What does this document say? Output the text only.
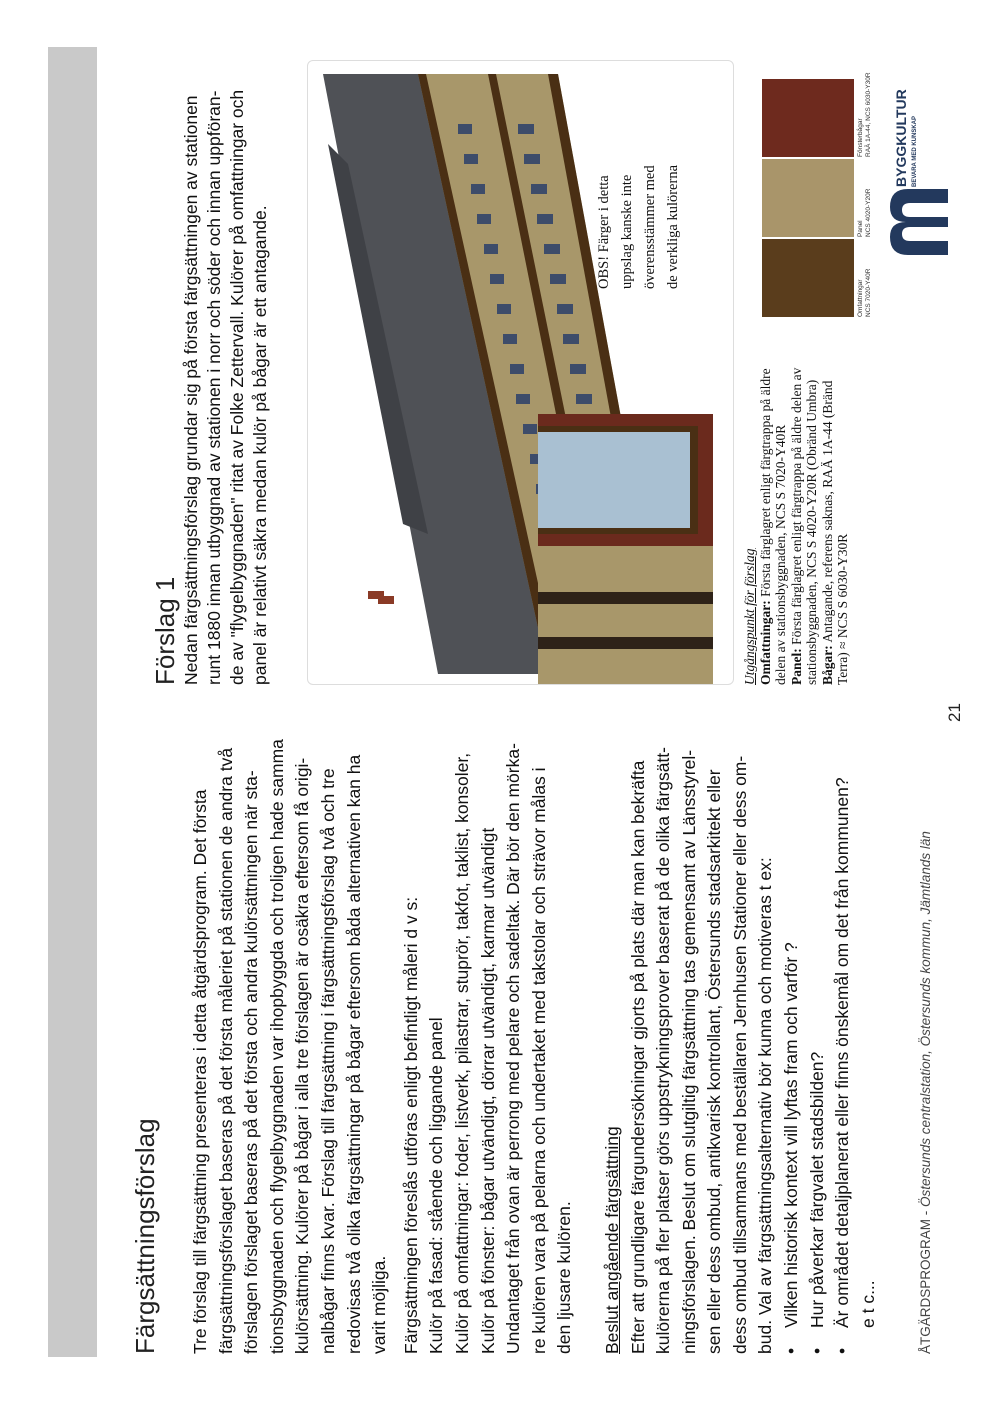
Färgsättningsförslag Tre förslag till färgsättning presenteras i detta åtgärdsprogram. Det första färgsättningsförslaget baseras på det första måleriet på stationen de andra två förslagen förslaget baseras på det första och andra kulörsättningen när sta- tionsbyggnaden och flygelbyggnaden var ihopbyggda och troligen hade samma kulörsättning. Kulörer på bågar i alla tre förslagen är osäkra eftersom få origi- nalbågar finns kvar. Förslag till färgsättning i färgsättningsförslag två och tre redovisas två olika färgsättningar på bågar eftersom båda alternativen kan ha varit möjliga. Färgsättningen föreslås utföras enligt befintligt måleri d v s: Kulör på fasad: stående och liggande panel Kulör på omfattningar: foder, listverk, pilastrar, stuprör, takfot, taklist, konsoler, Kulör på fönster: bågar utvändigt, dörrar utvändigt, karmar utvändigt Undantaget från ovan är perrong med pelare och sadeltak. Där bör den mörka- re kulören vara på pelarna och undertaket med takstolar och strävor målas i den ljusare kulören. Beslut angående färgsättning Efter att grundligare färgundersökningar gjorts på plats där man kan bekräfta kulörerna på fler platser görs uppstrykningsprover baserat på de olika färgsätt- ningsförslagen. Beslut om slutgiltig färgsättning tas gemensamt av Länsstyrel- sen eller dess ombud, antikvarisk kontrollant, Östersunds stadsarkitekt eller dess ombud tillsammans med beställaren Jernhusen Stationer eller dess om- bud. Val av färgsättningsalternativ bör kunna och motiveras t ex: •Vilken historisk kontext vill lyftas fram och varför ?

•Hur påverkar färgvalet stadsbilden?

•Är området detaljplanerat eller finns önskemål om det från kommunen? e t c...	ÅTGÄRDSPROGRAM - Östersunds centralstation, Östersunds kommun, Jämtlands län
21
Förslag 1 Nedan färgsättningsförslag grundar sig på första färgsättningen av stationen runt 1880 innan utbyggnad av stationen i norr och söder och innan uppföran- de av "flygelbyggnaden" ritat av Folke Zettervall. Kulörer på omfattningar och panel är relativt säkra medan kulör på bågar är ett antagande.	OBS! Färger i detta uppslag kanske inte överensstämmer med de verkliga kulörerna
Utgångspunkt för förslag Omfattningar: Första färglagret enligt färgtrappa på äldre delen av stationsbyggnaden, NCS S 7020-Y40R Panel: Första färglagret enligt färgtrappa på äldre delen av stationsbyggnaden, NCS S 4020-Y20R (Obränd Umbra) Bågar: Antagande, referens saknas, RAÄ 1A-44 (Bränd Terra) ≈ NCS S 6030-Y30R
Omfattningar NCS 7020-Y40R
Panel NCS 4020-Y20R
Fönsterbågar RAÄ 1A-44, NCS 6030-Y30R BYGGKULTUR BEVARA MED KUNSKAP
